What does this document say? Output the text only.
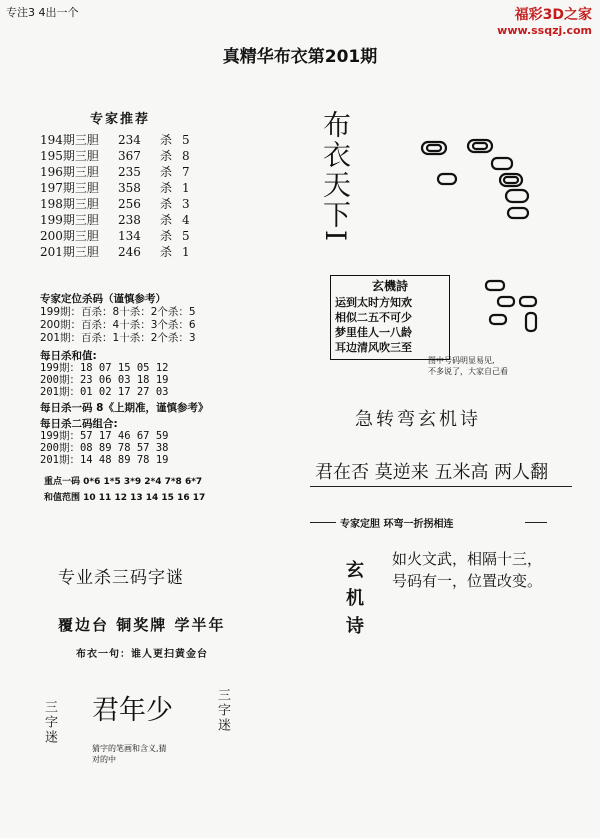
专注3 4出一个	福彩3D之家
www.ssqzj.com
真精华布衣第201期
专家推荐
194期三胆 234 杀 5
195期三胆 367 杀 8
196期三胆 235 杀 7
197期三胆 358 杀 1
198期三胆 256 杀 3
199期三胆 238 杀 4
200期三胆 134 杀 5
201期三胆 246 杀 1
专家定位杀码（谨慎参考）
199期：百杀：8十杀：2个杀：5
200期：百杀：4十杀：3个杀：6
201期：百杀：1十杀：2个杀：3
每日杀和值:
199期：18 07 15 05 12
200期：23 06 03 18 19
201期：01 02 17 27 03
每日杀一码 8《上期准，谨慎参考》
每日杀二码组合:
199期：57 17 46 67 59
200期：08 89 78 57 38
201期：14 48 89 78 19
重点一码 0*6 1*5 3*9 2*4 7*8 6*7
和值范围 10 11 12 13 14 15 16 17
专业杀三码字谜
覆边台 铜奖牌 学半年
布衣一句：谁人更扫黄金台
三字迷 君年少	三字迷
猜字的笔画和含义,猜
对的中
布衣天下I
玄機詩
运到太时方知欢
相似二五不可少
梦里佳人一八龄
耳边清风吹三至
图中号码明显易见,
不多说了，大家自己看
急转弯玄机诗
君在否 莫逆来 五米高 两人翻
专家定胆 环弯一折拐相连
玄机诗
如火文武，相隔十三，
号码有一，位置改变。
